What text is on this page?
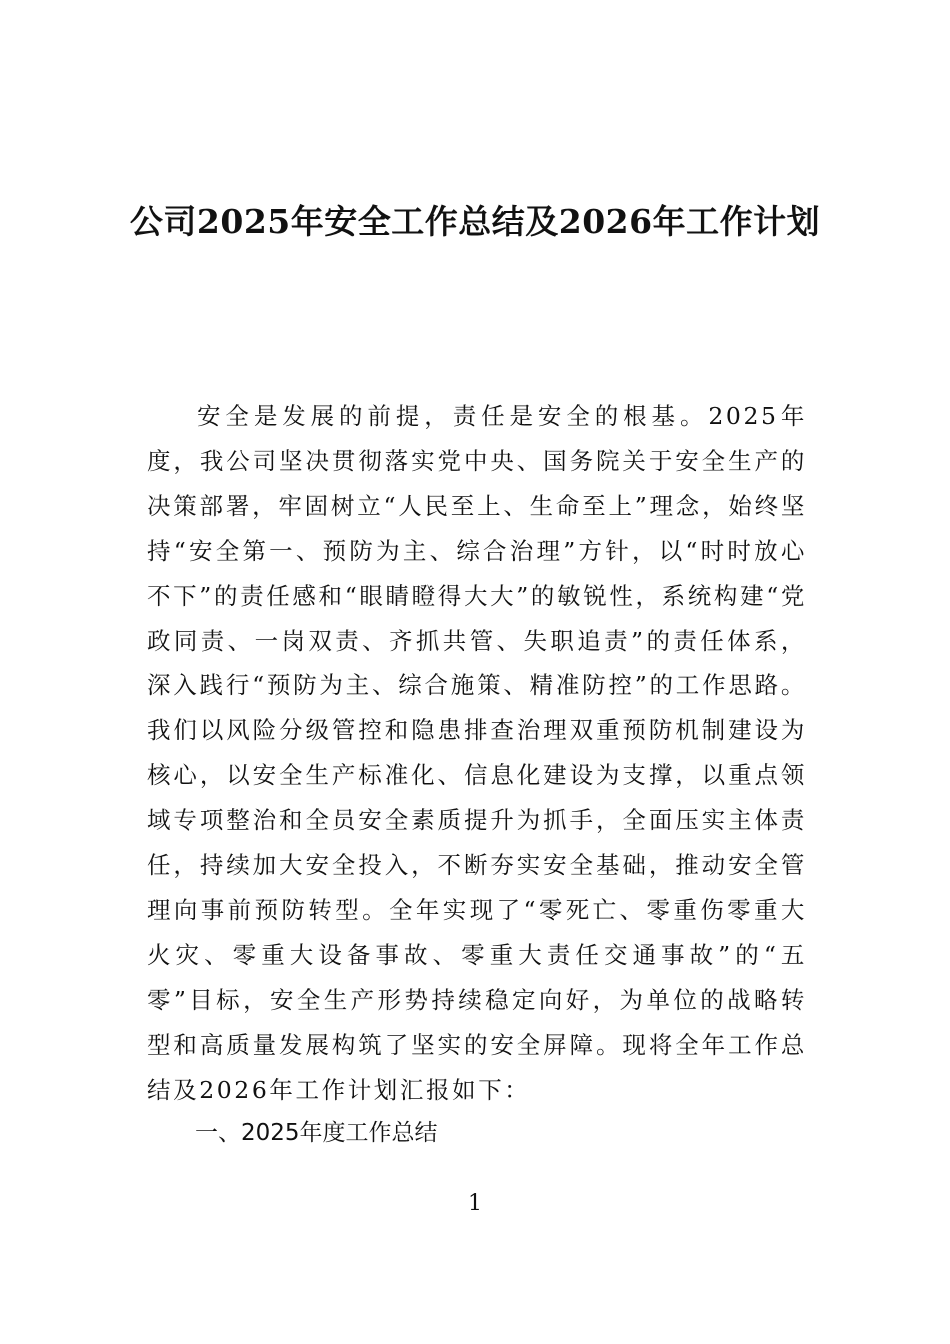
公司2025年安全工作总结及2026年工作计划

安全是发展的前提，责任是安全的根基。2025年度，我公司坚决贯彻落实党中央、国务院关于安全生产的决策部署，牢固树立“人民至上、生命至上”理念，始终坚持“安全第一、预防为主、综合治理”方针，以“时时放心不下”的责任感和“眼睛瞪得大大”的敏锐性，系统构建“党政同责、一岗双责、齐抓共管、失职追责”的责任体系，深入践行“预防为主、综合施策、精准防控”的工作思路。我们以风险分级管控和隐患排查治理双重预防机制建设为核心，以安全生产标准化、信息化建设为支撑，以重点领域专项整治和全员安全素质提升为抓手，全面压实主体责任，持续加大安全投入，不断夯实安全基础，推动安全管理向事前预防转型。全年实现了“零死亡、零重伤零重大火灾、零重大设备事故、零重大责任交通事故”的“五零”目标，安全生产形势持续稳定向好，为单位的战略转型和高质量发展构筑了坚实的安全屏障。现将全年工作总结及2026年工作计划汇报如下：

一、2025年度工作总结
1
